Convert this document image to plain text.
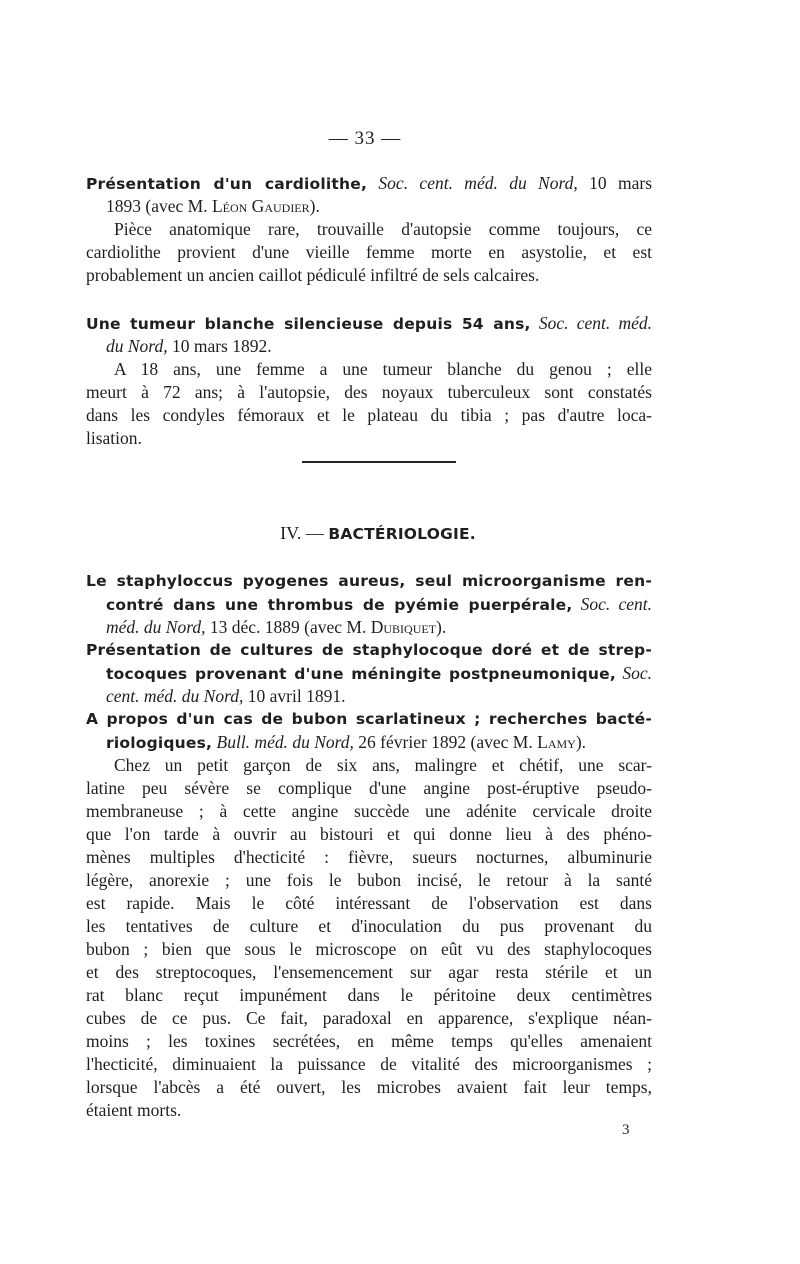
— 33 —
Présentation d'un cardiolithe, Soc. cent. méd. du Nord, 10 mars
1893 (avec M. Léon Gaudier).
Pièce anatomique rare, trouvaille d'autopsie comme toujours, ce
cardiolithe provient d'une vieille femme morte en asystolie, et est
probablement un ancien caillot pédiculé infiltré de sels calcaires.
Une tumeur blanche silencieuse depuis 54 ans, Soc. cent. méd.
du Nord, 10 mars 1892.
A 18 ans, une femme a une tumeur blanche du genou ; elle
meurt à 72 ans; à l'autopsie, des noyaux tuberculeux sont constatés
dans les condyles fémoraux et le plateau du tibia ; pas d'autre loca-
lisation.
IV. — BACTÉRIOLOGIE.
Le staphyloccus pyogenes aureus, seul microorganisme ren-
contré dans une thrombus de pyémie puerpérale, Soc. cent.
méd. du Nord, 13 déc. 1889 (avec M. Dubiquet).
Présentation de cultures de staphylocoque doré et de strep-
tocoques provenant d'une méningite postpneumonique, Soc.
cent. méd. du Nord, 10 avril 1891.
A propos d'un cas de bubon scarlatineux ; recherches bacté-
riologiques, Bull. méd. du Nord, 26 février 1892 (avec M. Lamy).
Chez un petit garçon de six ans, malingre et chétif, une scar-
latine peu sévère se complique d'une angine post-éruptive pseudo-
membraneuse ; à cette angine succède une adénite cervicale droite
que l'on tarde à ouvrir au bistouri et qui donne lieu à des phéno-
mènes multiples d'hecticité : fièvre, sueurs nocturnes, albuminurie
légère, anorexie ; une fois le bubon incisé, le retour à la santé
est rapide. Mais le côté intéressant de l'observation est dans
les tentatives de culture et d'inoculation du pus provenant du
bubon ; bien que sous le microscope on eût vu des staphylocoques
et des streptocoques, l'ensemencement sur agar resta stérile et un
rat blanc reçut impunément dans le péritoine deux centimètres
cubes de ce pus. Ce fait, paradoxal en apparence, s'explique néan-
moins ; les toxines secrétées, en même temps qu'elles amenaient
l'hecticité, diminuaient la puissance de vitalité des microorganismes ;
lorsque l'abcès a été ouvert, les microbes avaient fait leur temps,
étaient morts.
3
